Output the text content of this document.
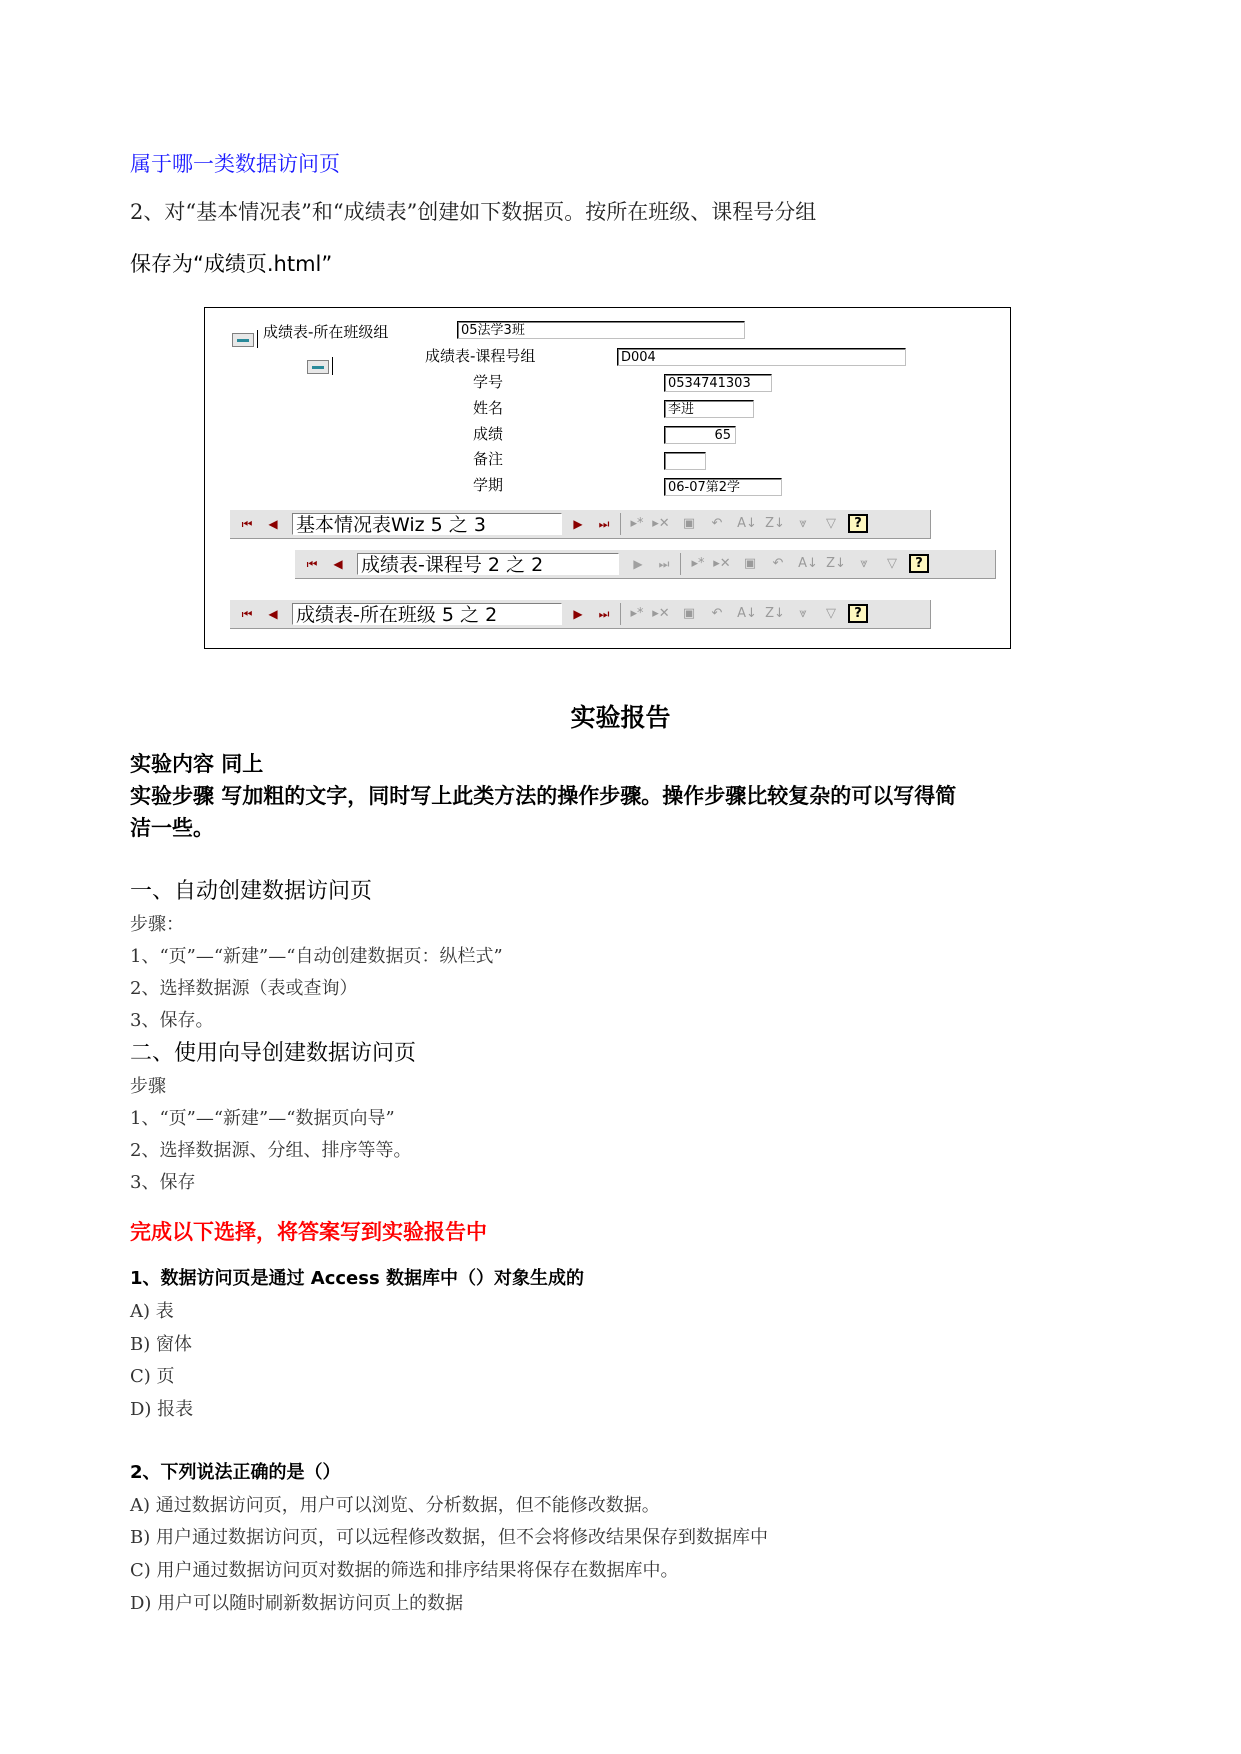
属于哪一类数据访问页
2、对“基本情况表”和“成绩表”创建如下数据页。按所在班级、课程号分组
保存为“成绩页.html”
成绩表-所在班级组	05法学3班
成绩表-课程号组	D004
学号	0534741303
姓名	李进
成绩	65
备注
学期	06-07第2学
⏮	◀ 基本情况表Wiz 5 之 3	▶	⏭	▸* ▸✕	▣	↶	A↓ Z↓	⩔	▽	?
⏮	◀ 成绩表-课程号 2 之 2	▶	⏭	▸* ▸✕	▣	↶	A↓ Z↓	⩔	▽	?
⏮	◀ 成绩表-所在班级 5 之 2	▶	⏭	▸* ▸✕	▣	↶	A↓ Z↓	⩔	▽	?
实验报告
实验内容 同上
实验步骤 写加粗的文字，同时写上此类方法的操作步骤。操作步骤比较复杂的可以写得简
洁一些。
一、自动创建数据访问页
步骤：
1、“页”—“新建”—“自动创建数据页：纵栏式”
2、选择数据源（表或查询）
3、保存。
二、使用向导创建数据访问页
步骤
1、“页”—“新建”—“数据页向导”
2、选择数据源、分组、排序等等。
3、保存
完成以下选择，将答案写到实验报告中
1、数据访问页是通过 Access 数据库中（）对象生成的
A) 表
B) 窗体
C) 页
D) 报表
2、下列说法正确的是（）
A) 通过数据访问页，用户可以浏览、分析数据，但不能修改数据。
B) 用户通过数据访问页，可以远程修改数据，但不会将修改结果保存到数据库中
C) 用户通过数据访问页对数据的筛选和排序结果将保存在数据库中。
D) 用户可以随时刷新数据访问页上的数据
